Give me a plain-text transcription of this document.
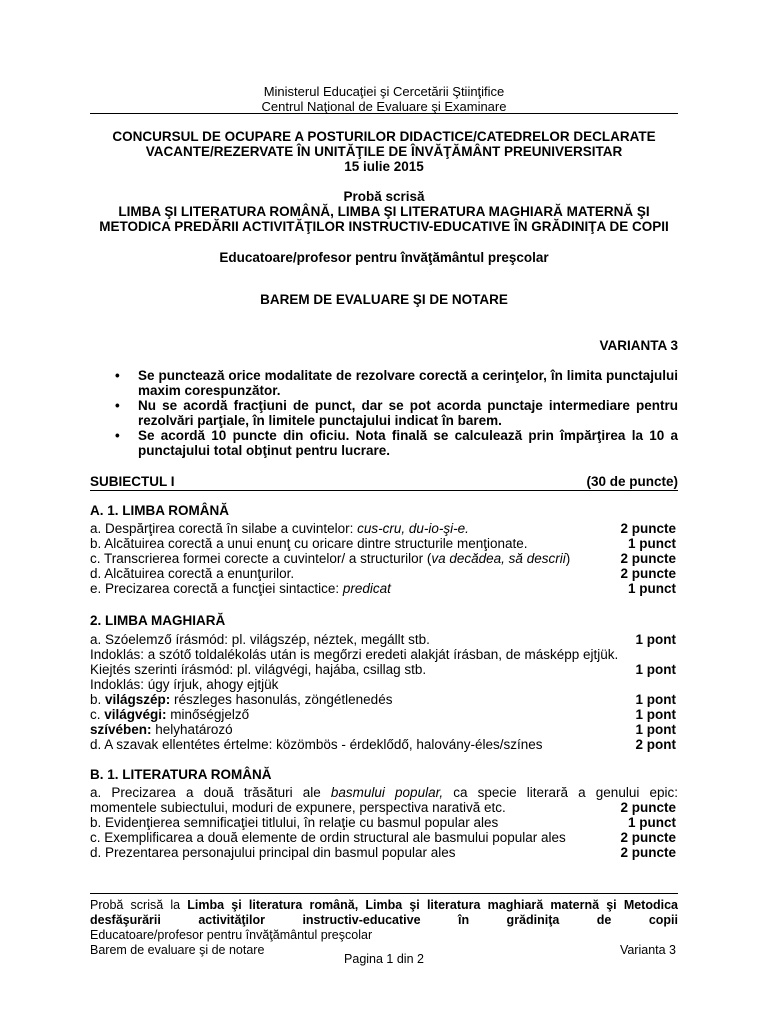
Ministerul Educaţiei şi Cercetării Ştiinţifice
Centrul Naţional de Evaluare şi Examinare
CONCURSUL DE OCUPARE A POSTURILOR DIDACTICE/CATEDRELOR DECLARATE
VACANTE/REZERVATE ÎN UNITĂŢILE DE ÎNVĂŢĂMÂNT PREUNIVERSITAR
15 iulie 2015
Probă scrisă
LIMBA ŞI LITERATURA ROMÂNĂ, LIMBA ŞI LITERATURA MAGHIARĂ MATERNĂ ŞI
METODICA PREDĂRII ACTIVITĂŢILOR INSTRUCTIV-EDUCATIVE ÎN GRĂDINIŢA DE COPII
Educatoare/profesor pentru învăţământul preşcolar
BAREM DE EVALUARE ŞI DE NOTARE
VARIANTA 3
• Se punctează orice modalitate de rezolvare corectă a cerinţelor, în limita punctajului maxim corespunzător.
• Nu se acordă fracţiuni de punct, dar se pot acorda punctaje intermediare pentru rezolvări parţiale, în limitele punctajului indicat în barem.
• Se acordă 10 puncte din oficiu. Nota finală se calculează prin împărţirea la 10 a punctajului total obţinut pentru lucrare.
SUBIECTUL I	(30 de puncte)
A. 1. LIMBA ROMÂNĂ
a. Despărţirea corectă în silabe a cuvintelor: cus-cru, du-io-şi-e.	2 puncte
b. Alcătuirea corectă a unui enunţ cu oricare dintre structurile menţionate.	1 punct
c. Transcrierea formei corecte a cuvintelor/ a structurilor (va decădea, să descrii)	2 puncte
d. Alcătuirea corectă a enunţurilor.	2 puncte
e. Precizarea corectă a funcţiei sintactice: predicat	1 punct
2. LIMBA MAGHIARĂ
a. Szóelemző írásmód: pl. világszép, néztek, megállt stb.	1 pont
Indoklás: a szótő toldalékolás után is megőrzi eredeti alakját írásban, de másképp ejtjük.
Kiejtés szerinti írásmód: pl. világvégi, hajába, csillag stb.	1 pont
Indoklás: úgy írjuk, ahogy ejtjük
b. világszép: részleges hasonulás, zöngétlenedés	1 pont
c. világvégi: minőségjelző	1 pont
szívében: helyhatározó	1 pont
d. A szavak ellentétes értelme: közömbös - érdeklődő, halovány-éles/színes	2 pont
B. 1. LITERATURA ROMÂNĂ
a. Precizarea a două trăsături ale basmului popular, ca specie literară a genului epic:
momentele subiectului, moduri de expunere, perspectiva narativă etc.	2 puncte
b. Evidenţierea semnificaţiei titlului, în relaţie cu basmul popular ales	1 punct
c. Exemplificarea a două elemente de ordin structural ale basmului popular ales	2 puncte
d. Prezentarea personajului principal din basmul popular ales	2 puncte
Probă scrisă la Limba şi literatura română, Limba şi literatura maghiară maternă şi Metodica desfăşurării activităţilor instructiv-educative în grădiniţa de copii
Educatoare/profesor pentru învăţământul preşcolar
Barem de evaluare şi de notare	Varianta 3
Pagina 1 din 2
